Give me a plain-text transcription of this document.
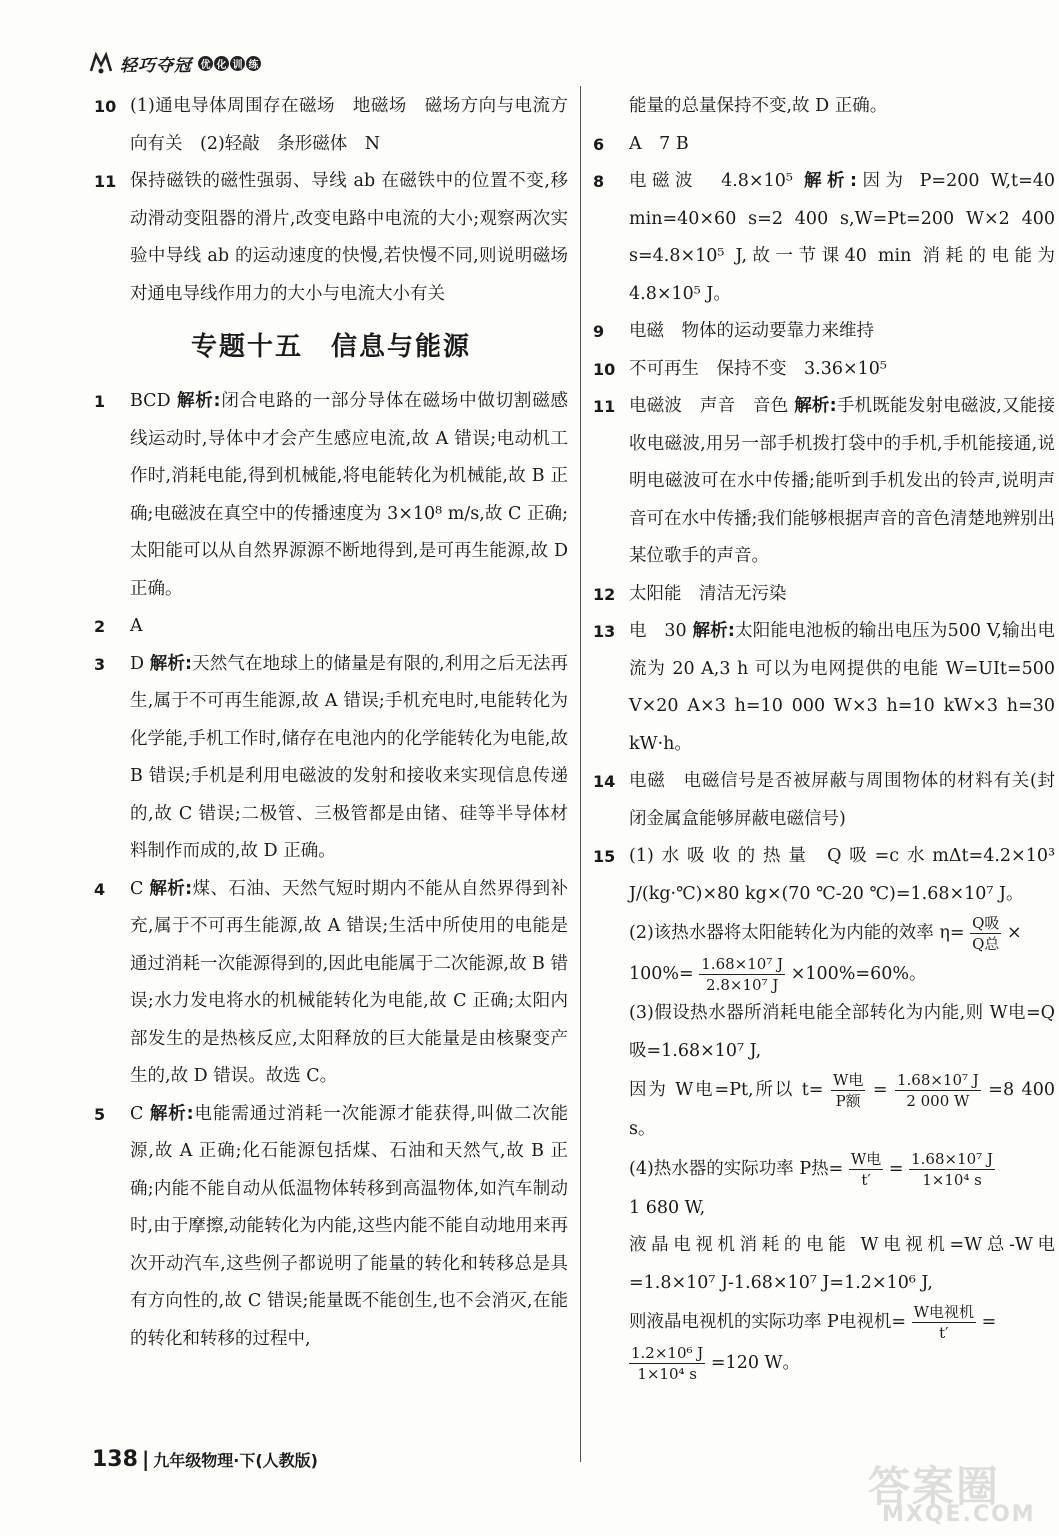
轻巧夺冠 优 化 训 练
10 (1)通电导体周围存在磁场　地磁场　磁场方向与电流方向有关　(2)轻敲　条形磁体　N
11 保持磁铁的磁性强弱、导线 ab 在磁铁中的位置不变,移动滑动变阻器的滑片,改变电路中电流的大小;观察两次实验中导线 ab 的运动速度的快慢,若快慢不同,则说明磁场对通电导线作用力的大小与电流大小有关
专题十五　信息与能源
1 BCD 解析:闭合电路的一部分导体在磁场中做切割磁感线运动时,导体中才会产生感应电流,故 A 错误;电动机工作时,消耗电能,得到机械能,将电能转化为机械能,故 B 正确;电磁波在真空中的传播速度为 3×10⁸ m/s,故 C 正确;太阳能可以从自然界源源不断地得到,是可再生能源,故 D 正确。
2 A
3 D 解析:天然气在地球上的储量是有限的,利用之后无法再生,属于不可再生能源,故 A 错误;手机充电时,电能转化为化学能,手机工作时,储存在电池内的化学能转化为电能,故 B 错误;手机是利用电磁波的发射和接收来实现信息传递的,故 C 错误;二极管、三极管都是由锗、硅等半导体材料制作而成的,故 D 正确。
4 C 解析:煤、石油、天然气短时期内不能从自然界得到补充,属于不可再生能源,故 A 错误;生活中所使用的电能是通过消耗一次能源得到的,因此电能属于二次能源,故 B 错误;水力发电将水的机械能转化为电能,故 C 正确;太阳内部发生的是热核反应,太阳释放的巨大能量是由核聚变产生的,故 D 错误。故选 C。
5 C 解析:电能需通过消耗一次能源才能获得,叫做二次能源,故 A 正确;化石能源包括煤、石油和天然气,故 B 正确;内能不能自动从低温物体转移到高温物体,如汽车制动时,由于摩擦,动能转化为内能,这些内能不能自动地用来再次开动汽车,这些例子都说明了能量的转化和转移总是具有方向性的,故 C 错误;能量既不能创生,也不会消灭,在能的转化和转移的过程中,
能量的总量保持不变,故 D 正确。
6 A　7 B
8 电磁波　4.8×10⁵ 解析:因为 P=200 W,t=40 min=40×60 s=2 400 s,W=Pt=200 W×2 400 s=4.8×10⁵ J,故一节课40 min 消耗的电能为 4.8×10⁵ J。
9 电磁　物体的运动要靠力来维持
10 不可再生　保持不变　3.36×10⁵
11 电磁波　声音　音色 解析:手机既能发射电磁波,又能接收电磁波,用另一部手机拨打袋中的手机,手机能接通,说明电磁波可在水中传播;能听到手机发出的铃声,说明声音可在水中传播;我们能够根据声音的音色清楚地辨别出某位歌手的声音。
12 太阳能　清洁无污染
13 电　30 解析:太阳能电池板的输出电压为500 V,输出电流为 20 A,3 h 可以为电网提供的电能 W=UIt=500 V×20 A×3 h=10 000 W×3 h=10 kW×3 h=30 kW·h。
14 电磁　电磁信号是否被屏蔽与周围物体的材料有关(封闭金属盒能够屏蔽电磁信号)
15 (1)水吸收的热量 Q吸=c水mΔt=4.2×10³ J/(kg·℃)×80 kg×(70 ℃-20 ℃)=1.68×10⁷ J。
(2)该热水器将太阳能转化为内能的效率 $\eta= \frac{\text{Q吸}}{\text{Q总}}$ ×
$100\%= \frac{\text{1.68×10⁷ J}}{\text{2.8×10⁷ J}} \times 100\%=60\%$。
(3)假设热水器所消耗电能全部转化为内能,则 W电=Q吸=1.68×10⁷ J,
因为 W电=Pt,所以 $t= \frac{\text{W电}}{\text{P额}} = \frac{\text{1.68×10⁷ J}}{2 000 W} =8$ 400 s。
(4)热水器的实际功率 P热= $\frac{\text{W电}}{t'} = \frac{\text{1.68×10⁷ J}}{\text{1×10⁴ s}}$
1 680 W,
液晶电视机消耗的电能 W电视机=W总-W电=1.8×10⁷ J-1.68×10⁷ J=1.2×10⁶ J,
则液晶电视机的实际功率 P电视机= $\frac{\text{W电视机}}{t'}$ =
$\frac{\text{1.2×10⁶ J}}{\text{1×10⁴ s}} =120$ W。
138 | 九年级物理·下(人教版)
答案圈
MXQE.COM
